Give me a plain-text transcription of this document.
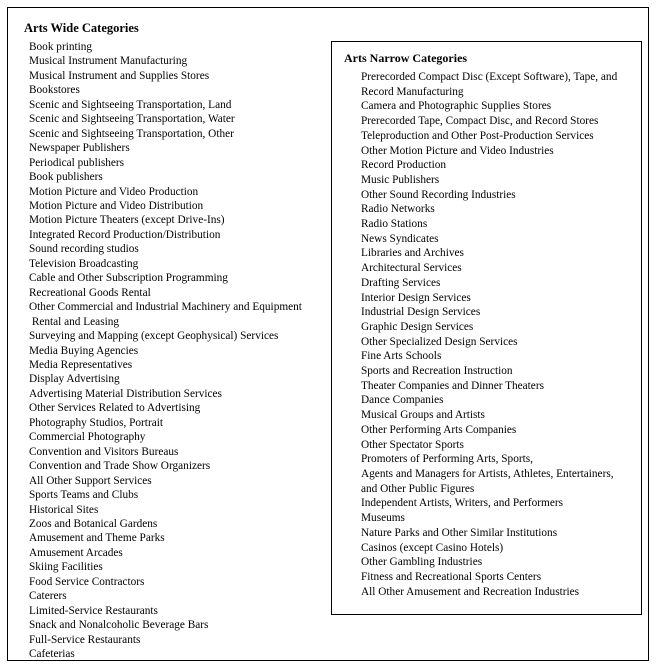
Arts Wide Categories
Book printing
Musical Instrument Manufacturing
Musical Instrument and Supplies Stores
Bookstores
Scenic and Sightseeing Transportation, Land
Scenic and Sightseeing Transportation, Water
Scenic and Sightseeing Transportation, Other
Newspaper Publishers
Periodical publishers
Book publishers
Motion Picture and Video Production
Motion Picture and Video Distribution
Motion Picture Theaters (except Drive-Ins)
Integrated Record Production/Distribution
Sound recording studios
Television Broadcasting
Cable and Other Subscription Programming
Recreational Goods Rental
Other Commercial and Industrial Machinery and Equipment
Rental and Leasing
Surveying and Mapping (except Geophysical) Services
Media Buying Agencies
Media Representatives
Display Advertising
Advertising Material Distribution Services
Other Services Related to Advertising
Photography Studios, Portrait
Commercial Photography
Convention and Visitors Bureaus
Convention and Trade Show Organizers
All Other Support Services
Sports Teams and Clubs
Historical Sites
Zoos and Botanical Gardens
Amusement and Theme Parks
Amusement Arcades
Skiing Facilities
Food Service Contractors
Caterers
Limited-Service Restaurants
Snack and Nonalcoholic Beverage Bars
Full-Service Restaurants
Cafeterias
Arts Narrow Categories
Prerecorded Compact Disc (Except Software), Tape, and
Record Manufacturing
Camera and Photographic Supplies Stores
Prerecorded Tape, Compact Disc, and Record Stores
Teleproduction and Other Post-Production Services
Other Motion Picture and Video Industries
Record Production
Music Publishers
Other Sound Recording Industries
Radio Networks
Radio Stations
News Syndicates
Libraries and Archives
Architectural Services
Drafting Services
Interior Design Services
Industrial Design Services
Graphic Design Services
Other Specialized Design Services
Fine Arts Schools
Sports and Recreation Instruction
Theater Companies and Dinner Theaters
Dance Companies
Musical Groups and Artists
Other Performing Arts Companies
Other Spectator Sports
Promoters of Performing Arts, Sports,
Agents and Managers for Artists, Athletes, Entertainers,
and Other Public Figures
Independent Artists, Writers, and Performers
Museums
Nature Parks and Other Similar Institutions
Casinos (except Casino Hotels)
Other Gambling Industries
Fitness and Recreational Sports Centers
All Other Amusement and Recreation Industries
